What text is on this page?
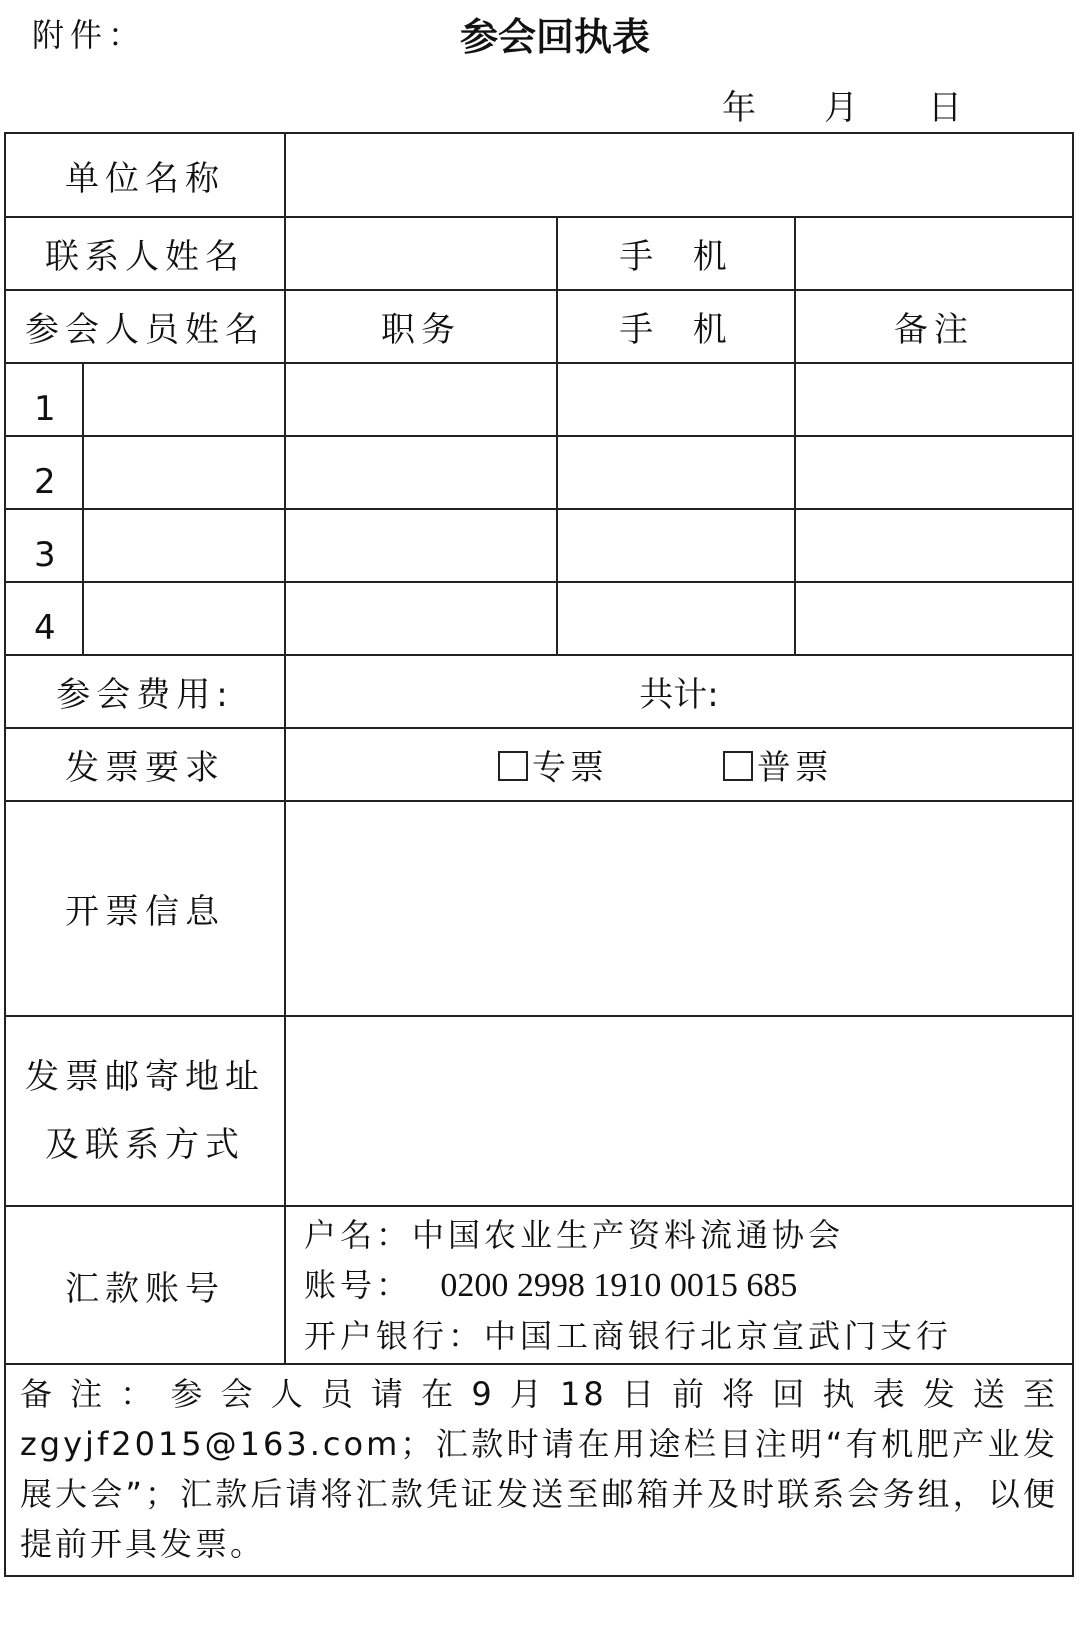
附件：	参会回执表
年 月 日
单位名称				
联系人姓名			手  机	
参会人员姓名		职务	手  机	备注
1				
2				
3				
4				
参会费用:		共计:		
发票要求		专票 普票		
开票信息				

发票邮寄地址
及联系方式				

汇款账号		户名：中国农业生产资料流通协会
账号： 0200 2998 1910 0015 685
开户银行：中国工商银行北京宣武门支行		

备注：参会人员请在9月18日前将回执表发送至zgyjf2015@163.com；汇款时请在用途栏目注明“有机肥产业发展大会”；汇款后请将汇款凭证发送至邮箱并及时联系会务组，以便提前开具发票。				
